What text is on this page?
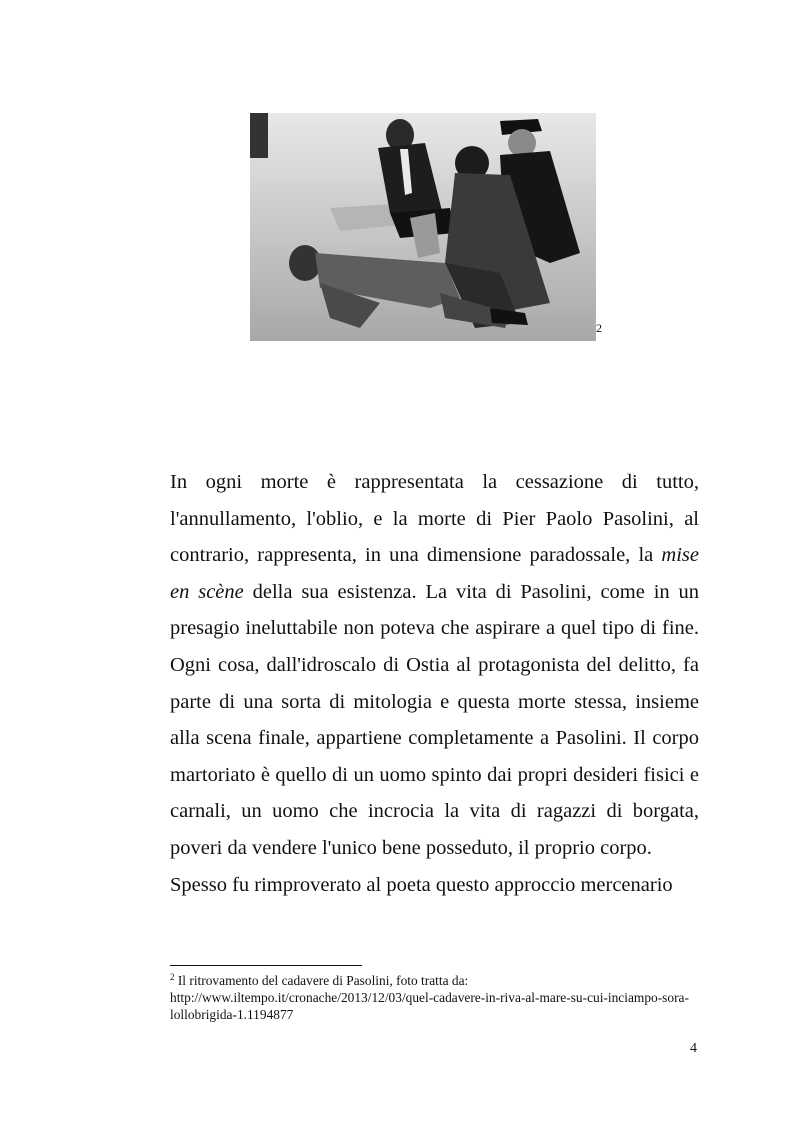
2

In ogni morte è rappresentata la cessazione di tutto, l'annullamento, l'oblio, e la morte di Pier Paolo Pasolini, al contrario, rappresenta, in una dimensione paradossale, la mise en scène della sua esistenza. La vita di Pasolini, come in un presagio ineluttabile non poteva che aspirare a quel tipo di fine. Ogni cosa, dall'idroscalo di Ostia al protagonista del delitto, fa parte di una sorta di mitologia e questa morte stessa, insieme alla scena finale, appartiene completamente a Pasolini. Il corpo martoriato è quello di un uomo spinto dai propri desideri fisici e carnali, un uomo che incrocia la vita di ragazzi di borgata, poveri da vendere l'unico bene posseduto, il proprio corpo.

Spesso fu rimproverato al poeta questo approccio mercenario

$^2$ Il ritrovamento del cadavere di Pasolini, foto tratta da:
http://www.iltempo.it/cronache/2013/12/03/quel-cadavere-in-riva-al-mare-su-cui-inciampo-sora-lollobrigida-1.1194877
4
